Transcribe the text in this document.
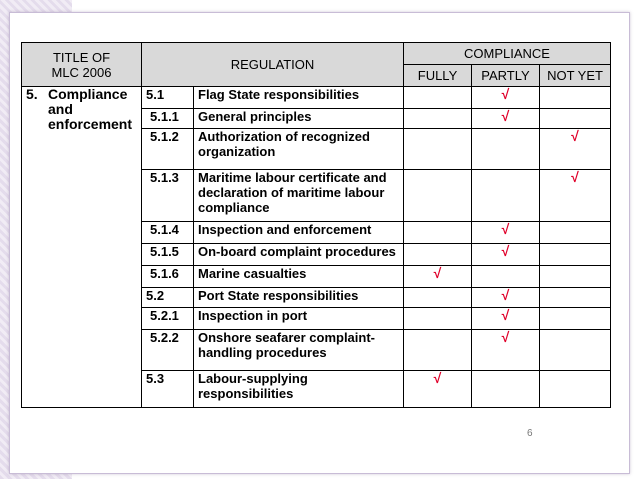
TITLE OF
MLC 2006	REGULATION		COMPLIANCE		
			FULLY	PARTLY	NOT YET

5. Compliance
and
enforcement	5.1	Flag State responsibilities		√	
	5.1.1	General principles		√	
	5.1.2	Authorization of recognized
organization			√
	5.1.3	Maritime labour certificate and
declaration of maritime labour
compliance			√
	5.1.4	Inspection and enforcement		√	
	5.1.5	On-board complaint procedures		√	
	5.1.6	Marine casualties	√		
	5.2	Port State responsibilities		√	
	5.2.1	Inspection in port		√	
	5.2.2	Onshore seafarer complaint-
handling procedures		√	
	5.3	Labour-supplying
responsibilities	√		
6
